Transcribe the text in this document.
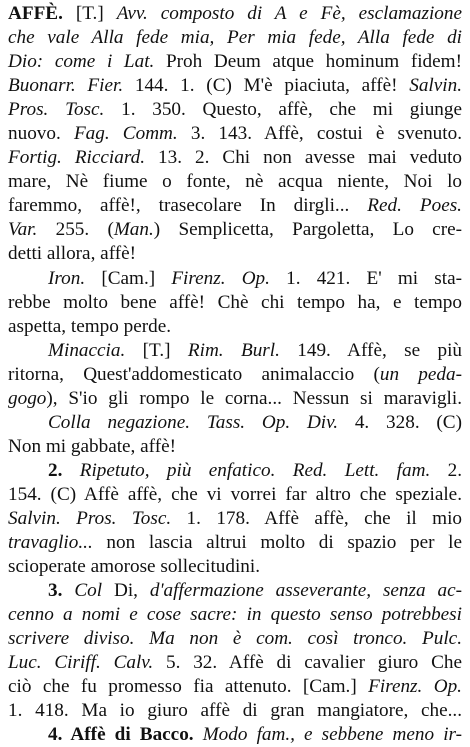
AFFÈ. [T.] Avv. composto di A e Fè, esclamazione
che vale Alla fede mia, Per mia fede, Alla fede di
Dio: come i Lat. Proh Deum atque hominum fidem!
Buonarr. Fier. 144. 1. (C) M'è piaciuta, affè! Salvin.
Pros. Tosc. 1. 350. Questo, affè, che mi giunge
nuovo. Fag. Comm. 3. 143. Affè, costui è svenuto.
Fortig. Ricciard. 13. 2. Chi non avesse mai veduto
mare, Nè fiume o fonte, nè acqua niente, Noi lo
faremmo, affè!, trasecolare In dirgli... Red. Poes.
Var. 255. (Man.) Semplicetta, Pargoletta, Lo cre-
detti allora, affè!
Iron. [Cam.] Firenz. Op. 1. 421. E' mi sta-
rebbe molto bene affè! Chè chi tempo ha, e tempo
aspetta, tempo perde.
Minaccia. [T.] Rim. Burl. 149. Affè, se più
ritorna, Quest'addomesticato animalaccio (un peda-
gogo), S'io gli rompo le corna... Nessun si maravigli.
Colla negazione. Tass. Op. Div. 4. 328. (C)
Non mi gabbate, affè!
2. Ripetuto, più enfatico. Red. Lett. fam. 2.
154. (C) Affè affè, che vi vorrei far altro che speziale.
Salvin. Pros. Tosc. 1. 178. Affè affè, che il mio
travaglio... non lascia altrui molto di spazio per le
scioperate amorose sollecitudini.
3. Col Di, d'affermazione asseverante, senza ac-
cenno a nomi e cose sacre: in questo senso potrebbesi
scrivere diviso. Ma non è com. così tronco. Pulc.
Luc. Ciriff. Calv. 5. 32. Affè di cavalier giuro Che
ciò che fu promesso fia attenuto. [Cam.] Firenz. Op.
1. 418. Ma io giuro affè di gran mangiatore, che...
4. Affè di Bacco. Modo fam., e sebbene meno ir-
